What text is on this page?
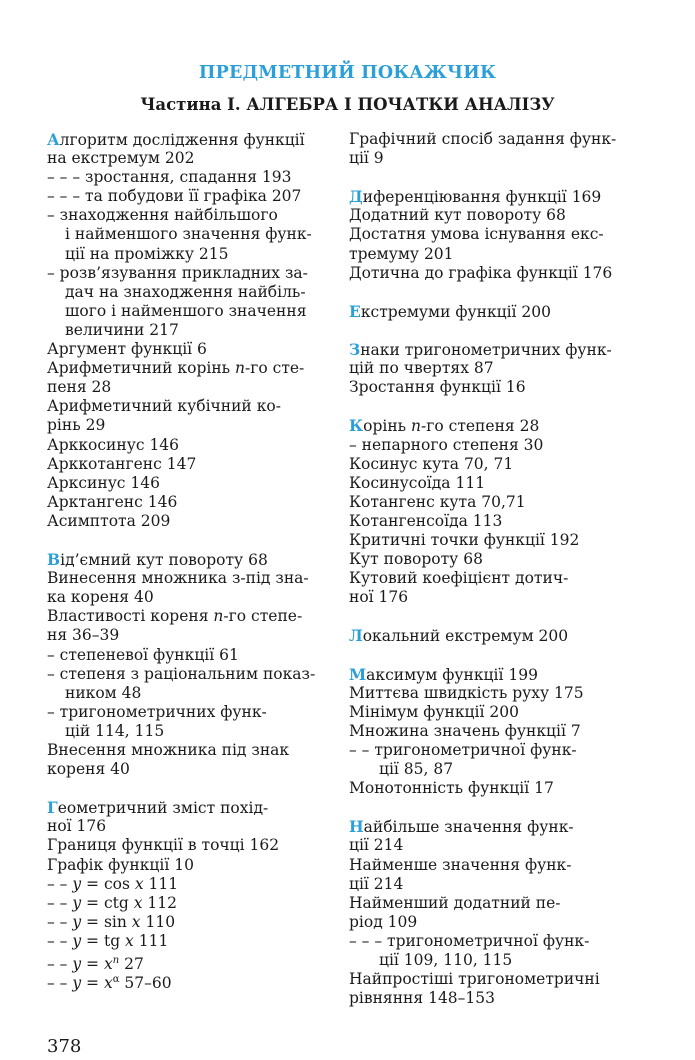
ПРЕДМЕТНИЙ ПОКАЖЧИК
Частина І. АЛГЕБРА І ПОЧАТКИ АНАЛІЗУ
Алгоритм дослідження функції
на екстремум 202
– – – зростання, спадання 193
– – – та побудови її графіка 207
– знаходження найбільшого
і найменшого значення функ-
ції на проміжку 215
– розв’язування прикладних за-
дач на знаходження найбіль-
шого і найменшого значення
величини 217
Аргумент функції 6
Арифметичний корінь n-го сте-
пеня 28
Арифметичний кубічний ко-
рінь 29
Арккосинус 146
Арккотангенс 147
Арксинус 146
Арктангенс 146
Асимптота 209
Від’ємний кут повороту 68
Винесення множника з-під зна-
ка кореня 40
Властивості кореня n-го степе-
ня 36–39
– степеневої функції 61
– степеня з раціональним показ-
ником 48
– тригонометричних функ-
цій 114, 115
Внесення множника під знак
кореня 40
Геометричний зміст похід-
ної 176
Границя функції в точці 162
Графік функції 10
– – y = cos x 111
– – y = ctg x 112
– – y = sin x 110
– – y = tg x 111
– – $y = x^n$ 27
– – $y = x^\alpha$ 57–60
Графічний спосіб задання функ-
ції 9
Диференціювання функції 169
Додатний кут повороту 68
Достатня умова існування екс-
тремуму 201
Дотична до графіка функції 176
Екстремуми функції 200
Знаки тригонометричних функ-
цій по чвертях 87
Зростання функції 16
Корінь n-го степеня 28
– непарного степеня 30
Косинус кута 70, 71
Косинусоїда 111
Котангенс кута 70,71
Котангенсоїда 113
Критичні точки функції 192
Кут повороту 68
Кутовий коефіцієнт дотич-
ної 176
Локальний екстремум 200
Максимум функції 199
Миттєва швидкість руху 175
Мінімум функції 200
Множина значень функції 7
– – тригонометричної функ-
ції 85, 87
Монотонність функції 17
Найбільше значення функ-
ції 214
Найменше значення функ-
ції 214
Найменший додатний пе-
ріод 109
– – – тригонометричної функ-
ції 109, 110, 115
Найпростіші тригонометричні
рівняння 148–153
378
